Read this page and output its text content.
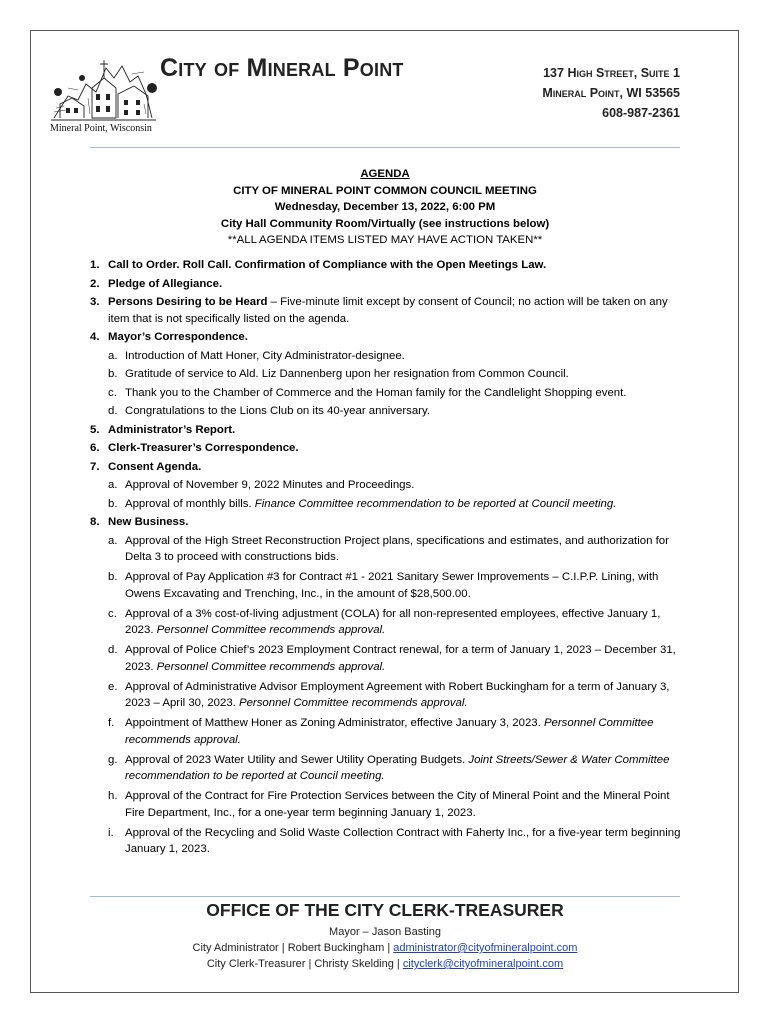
Mineral Point, Wisconsin
City of Mineral Point	137 High Street, Suite 1
Mineral Point, WI 53565
608-987-2361
AGENDA
CITY OF MINERAL POINT COMMON COUNCIL MEETING
Wednesday, December 13, 2022, 6:00 PM
City Hall Community Room/Virtually (see instructions below)
**ALL AGENDA ITEMS LISTED MAY HAVE ACTION TAKEN**
1. Call to Order. Roll Call. Confirmation of Compliance with the Open Meetings Law.
2. Pledge of Allegiance.
3. Persons Desiring to be Heard – Five-minute limit except by consent of Council; no action will be taken on any item that is not specifically listed on the agenda.
4. Mayor’s Correspondence.
a. Introduction of Matt Honer, City Administrator-designee.
b. Gratitude of service to Ald. Liz Dannenberg upon her resignation from Common Council.
c. Thank you to the Chamber of Commerce and the Homan family for the Candlelight Shopping event.
d. Congratulations to the Lions Club on its 40-year anniversary.
5. Administrator’s Report.
6. Clerk-Treasurer’s Correspondence.
7. Consent Agenda.
a. Approval of November 9, 2022 Minutes and Proceedings.
b. Approval of monthly bills. Finance Committee recommendation to be reported at Council meeting.
8. New Business.
a. Approval of the High Street Reconstruction Project plans, specifications and estimates, and authorization for Delta 3 to proceed with constructions bids.
b. Approval of Pay Application #3 for Contract #1 - 2021 Sanitary Sewer Improvements – C.I.P.P. Lining, with Owens Excavating and Trenching, Inc., in the amount of $28,500.00.
c. Approval of a 3% cost-of-living adjustment (COLA) for all non-represented employees, effective January 1, 2023. Personnel Committee recommends approval.
d. Approval of Police Chief’s 2023 Employment Contract renewal, for a term of January 1, 2023 – December 31, 2023. Personnel Committee recommends approval.
e. Approval of Administrative Advisor Employment Agreement with Robert Buckingham for a term of January 3, 2023 – April 30, 2023. Personnel Committee recommends approval.
f. Appointment of Matthew Honer as Zoning Administrator, effective January 3, 2023. Personnel Committee recommends approval.
g. Approval of 2023 Water Utility and Sewer Utility Operating Budgets. Joint Streets/Sewer & Water Committee recommendation to be reported at Council meeting.
h. Approval of the Contract for Fire Protection Services between the City of Mineral Point and the Mineral Point Fire Department, Inc., for a one-year term beginning January 1, 2023.
i. Approval of the Recycling and Solid Waste Collection Contract with Faherty Inc., for a five-year term beginning January 1, 2023.
OFFICE OF THE CITY CLERK-TREASURER
Mayor – Jason Basting
City Administrator | Robert Buckingham | administrator@cityofmineralpoint.com
City Clerk-Treasurer | Christy Skelding | cityclerk@cityofmineralpoint.com
